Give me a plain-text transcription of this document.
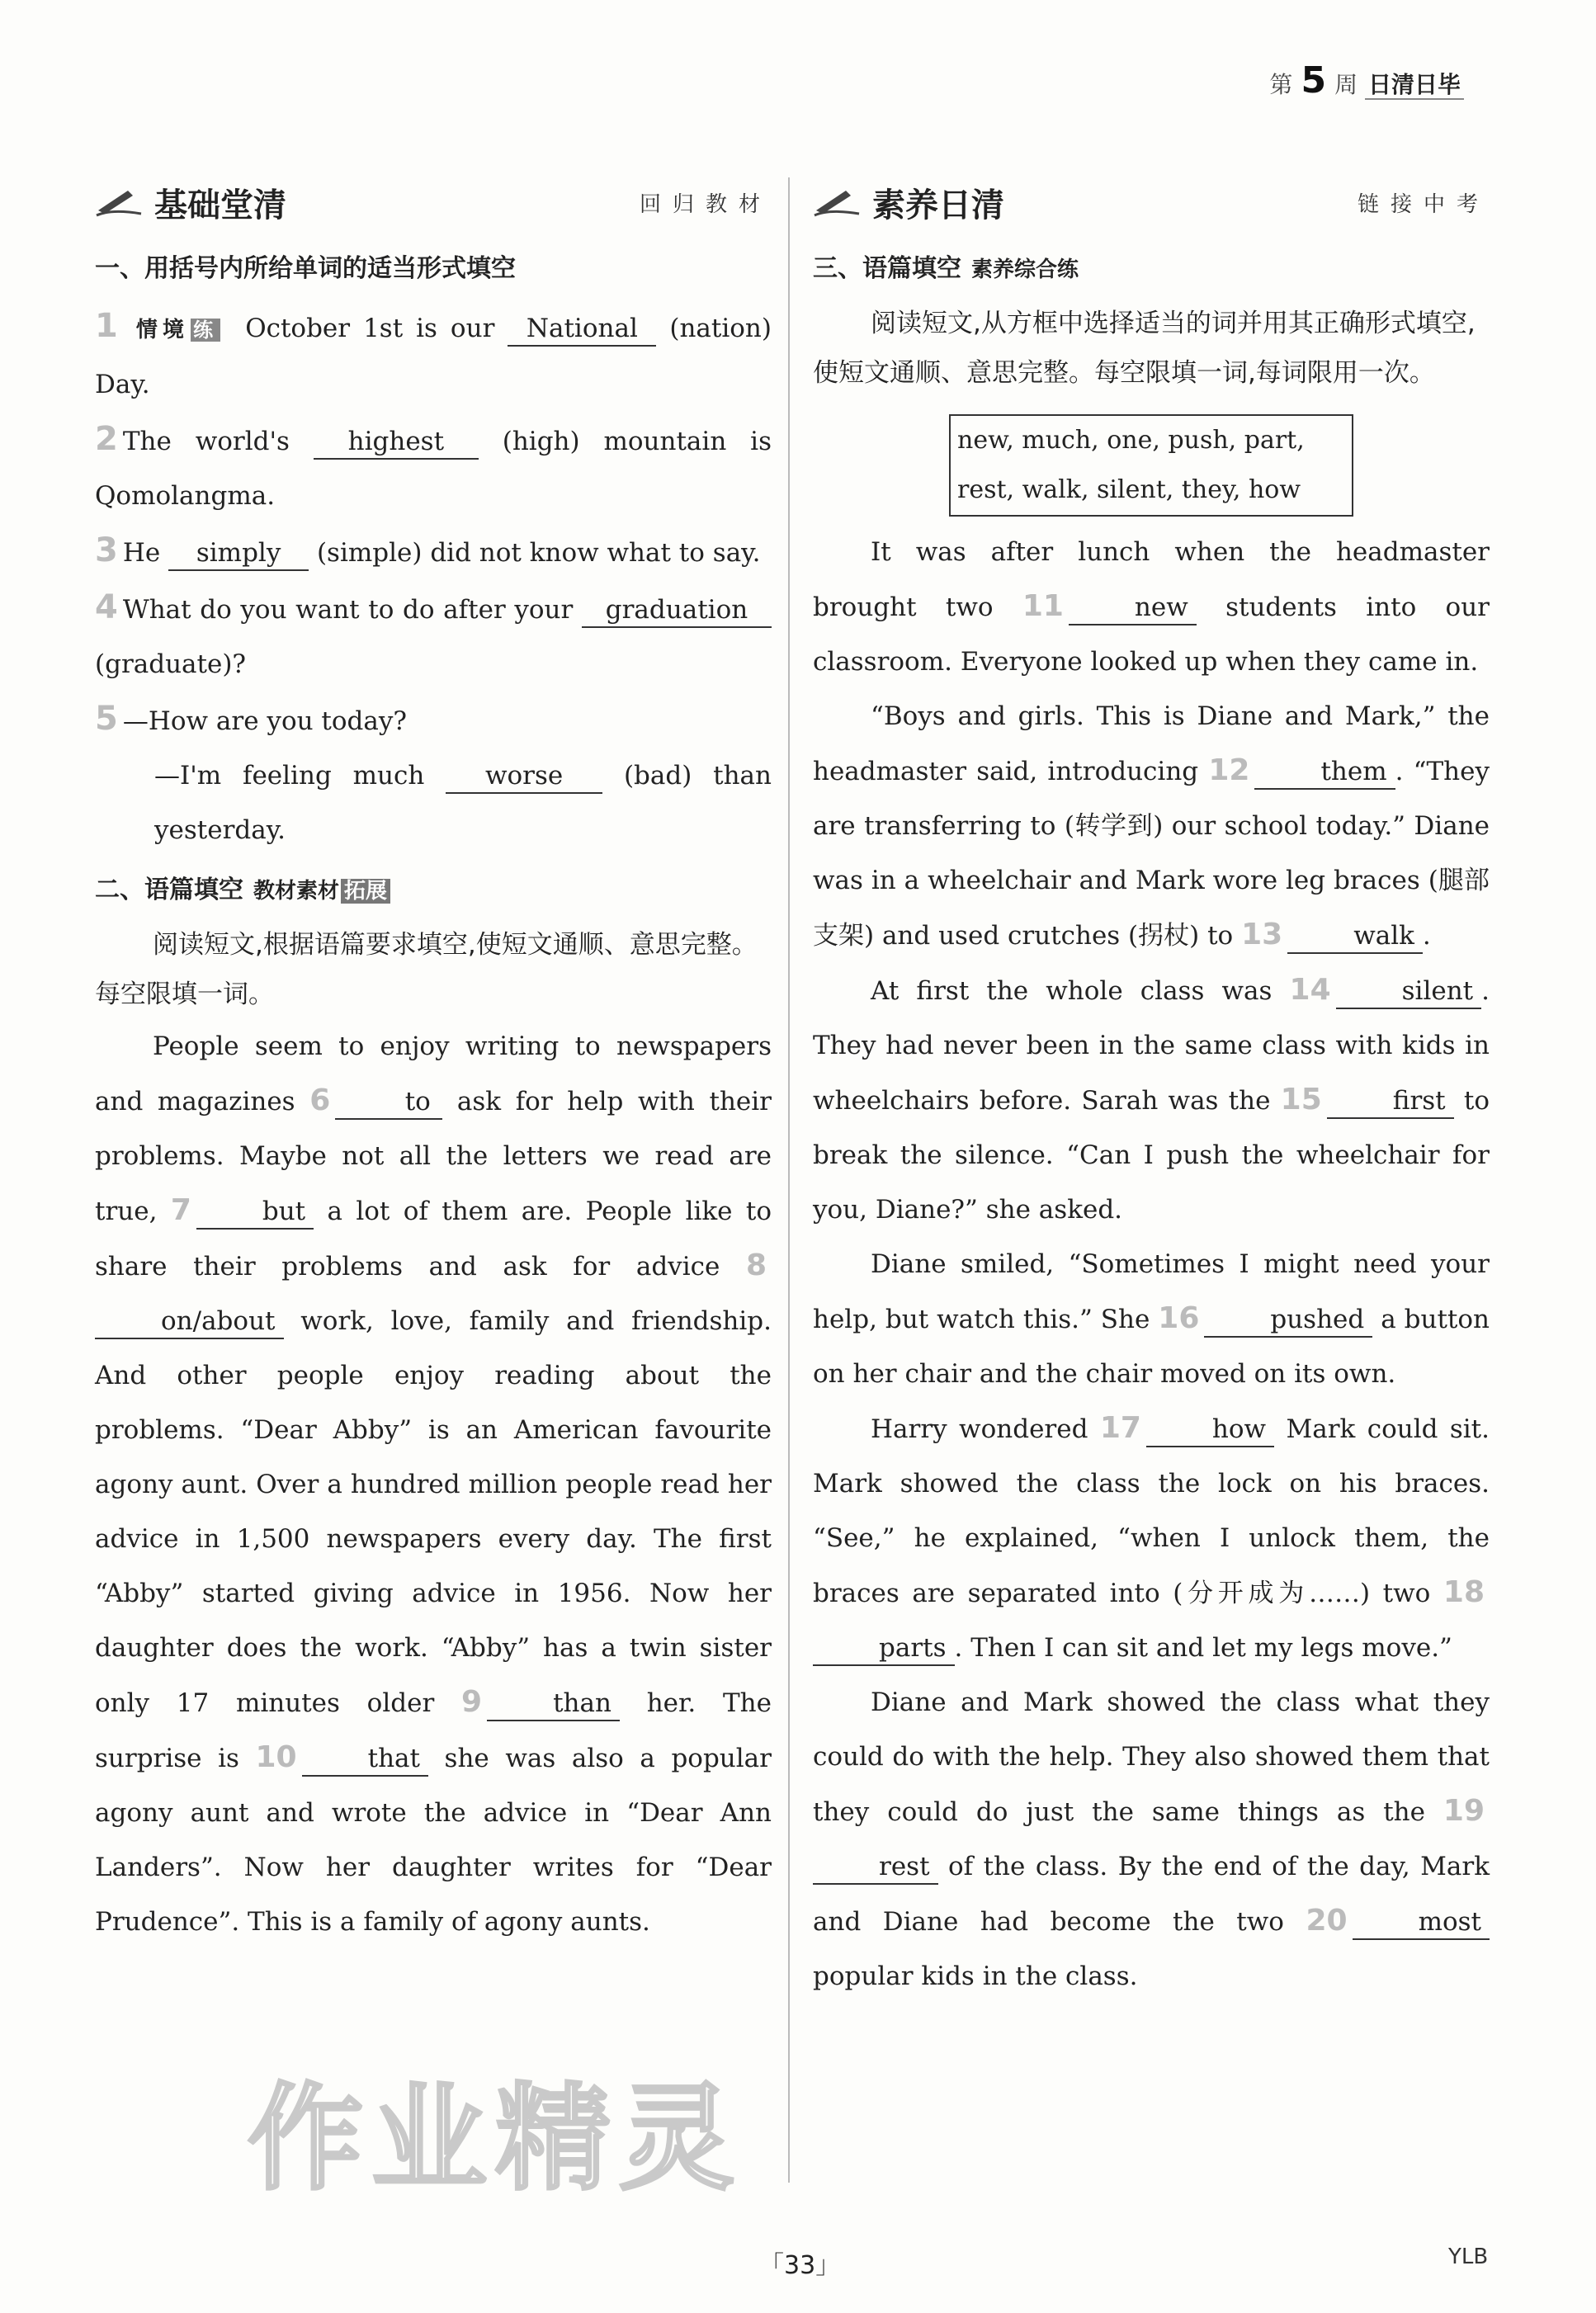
第 5 周 日清日毕
基础堂清	回归教材
一、用括号内所给单词的适当形式填空

1 情境 练 October 1st is our National (nation) Day.

2 The world's highest (high) mountain is Qomolangma.

3 He simply (simple) did not know what to say.

4 What do you want to do after your graduation (graduate)?

5 —How are you today?

—I'm feeling much worse (bad) than yesterday.

二、语篇填空 教材素材 拓展

阅读短文,根据语篇要求填空,使短文通顺、意思完整。每空限填一词。

People seem to enjoy writing to newspapers and magazines 6	to ask for help with their problems. Maybe not all the letters we read are true, 7	but a lot of them are. People like to share their problems and ask for advice 8on/about work, love, family and friendship. And other people enjoy reading about the problems. “Dear Abby” is an American favourite agony aunt. Over a hundred million people read her advice in 1,500 newspapers every day. The first “Abby” started giving advice in 1956. Now her daughter does the work. “Abby” has a twin sister only 17 minutes older 9	than her. The surprise is 10	that she was also a popular agony aunt and wrote the advice in “Dear Ann Landers”. Now her daughter writes for “Dear Prudence”. This is a family of agony aunts.

素养日清	链接中考
三、语篇填空 素养综合练

阅读短文,从方框中选择适当的词并用其正确形式填空,使短文通顺、意思完整。每空限填一词,每词限用一次。

new, much, one, push, part,
rest, walk, silent, they, how

It was after lunch when the headmaster brought two 11	new students into our classroom. Everyone looked up when they came in.

“Boys and girls. This is Diane and Mark,” the headmaster said, introducing 12	them . “They are transferring to (转学到) our school today.” Diane was in a wheelchair and Mark wore leg braces (腿部支架) and used crutches (拐杖) to 13	walk .

At first the whole class was 14	silent . They had never been in the same class with kids in wheelchairs before. Sarah was the 15	first to break the silence. “Can I push the wheelchair for you, Diane?” she asked.

Diane smiled, “Sometimes I might need your help, but watch this.” She 16	pushed a button on her chair and the chair moved on its own.

Harry wondered 17	how Mark could sit. Mark showed the class the lock on his braces. “See,” he explained, “when I unlock them, the braces are separated into (分开成为……) two 18parts . Then I can sit and let my legs move.”

Diane and Mark showed the class what they could do with the help. They also showed them that they could do just the same things as the 19rest of the class. By the end of the day, Mark and Diane had become the two 20	most popular kids in the class.

作业精灵
「33」	YLB
